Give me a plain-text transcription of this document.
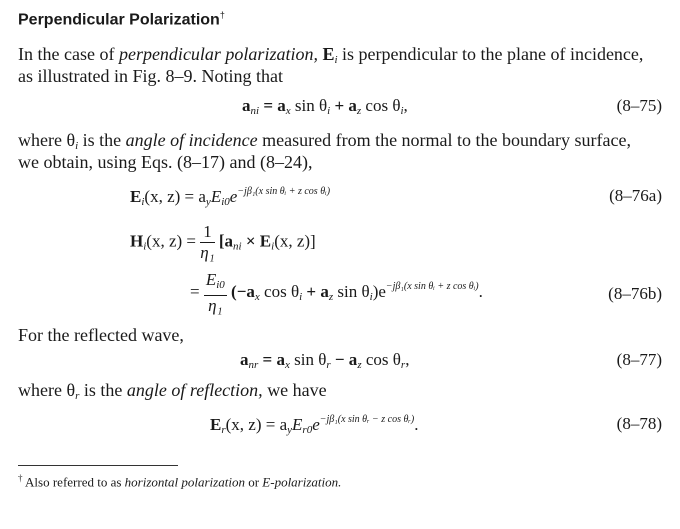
Perpendicular Polarization†
In the case of perpendicular polarization, $E_i$ is perpendicular to the plane of incidence,
as illustrated in Fig. 8–9. Noting that
$a_{ni} = a_x$ $\sin \theta_i + a_z$ $\cos \theta_i$,	(8–75)
where $\theta_i$ is the angle of incidence measured from the normal to the boundary surface,
we obtain, using Eqs. (8–17) and (8–24),
$E_i(x$, $z) = a_yE_{i0}e^{-j\beta_1(x sin \theta ᵢ + z cos \theta ᵢ)}$	(8–76a)
$H_i(x$, $z) = \frac{1}{\text{η₁}} [a_{ni} \times E_i(x$, z)]
= $\frac{E_{i0}}{\text{η₁}} (-a_x$ $\cos \theta_i + a_z$ $\sin \theta_i)e^{-j\beta_1(x sin \theta ᵢ + z cos \theta ᵢ)}$.	(8–76b)
For the reflected wave,
$a_{nr} = a_x$ $\sin \theta_r - a_z$ $\cos \theta_r$,	(8–77)
where $\theta_r$ is the angle of reflection, we have
$E_r(x$, $z) = a_yE_{r0}e^{-j\beta_1(x sin \theta ᵣ - z cos \theta ᵣ)}$.	(8–78)
† Also referred to as horizontal polarization or E-polarization.
